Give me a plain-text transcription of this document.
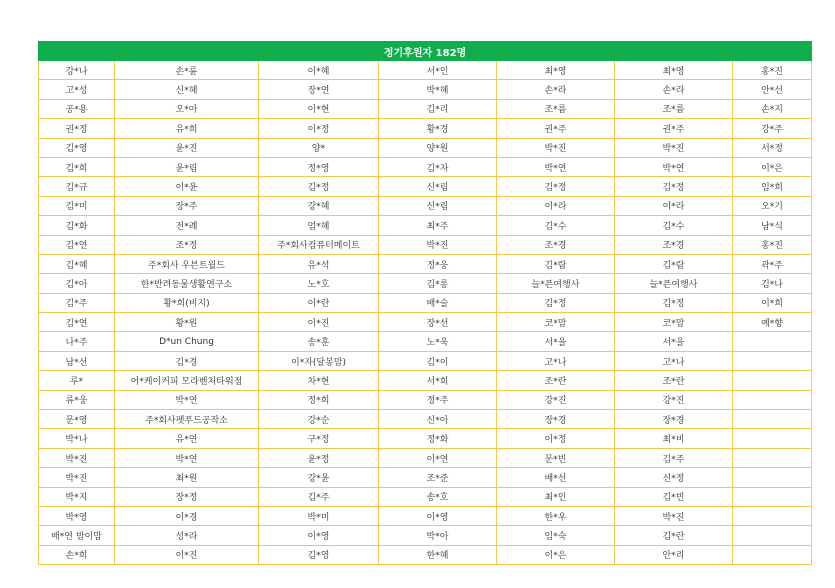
정기후원자 182명						
강*나	손*륜	이*혜	서*인	최*영	최*영	홍*진
고*성	신*혜	장*연	박*혜	손*라	손*라	안*선
공*용	오*아	이*현	김*리	조*름	조*름	손*지
권*정	유*희	이*정	황*경	권*주	권*주	강*주
김*영	윤*진	양*	양*원	박*진	박*진	서*정
김*희	윤*림	정*영	김*자	박*연	박*연	이*은
김*규	이*윤	김*정	신*림	김*정	김*정	임*희
김*미	장*주	강*혜	신*림	이*라	이*라	오*기
김*화	전*례	엄*혜	최*주	김*수	김*수	남*식
김*연	조*정	주*회사컴퓨터메이트	박*진	조*경	조*경	홍*진
김*혜	주*회사 우븐트윌드	유*석	정*웅	김*람	김*람	곽*주
김*아	한*반려동물생활연구소	노*호	김*롱	늘*픈여행사	늘*픈여행사	김*나
김*주	황*희(비지)	이*란	배*슬	김*정	김*정	이*희
김*연	황*원	이*진	장*선	코*맘	코*맘	예*향
나*주	D*un Chung	송*훈	노*욱	서*을	서*을	
남*선	김*경	이*자(달봉맘)	김*이	고*나	고*나	
루*	어*케이커피 모라벤처타워점	차*현	서*희	조*란	조*란	
류*웅	박*연	정*희	정*주	강*진	강*진	
문*영	주*회사펫푸드공작소	강*순	신*아	장*경	장*경	
박*나	유*연	구*정	정*화	이*정	최*비	
박*진	박*연	윤*정	이*연	문*빈	김*주	
박*진	최*원	강*윤	조*준	배*선	신*정	
박*지	장*정	김*주	송*호	최*인	김*빈	
박*영	이*경	박*미	이*영	한*우	박*진	
배*연 밤이맘	성*라	이*영	박*아	임*숙	김*란	
손*희	이*진	김*영	한*혜	이*은	안*리	
